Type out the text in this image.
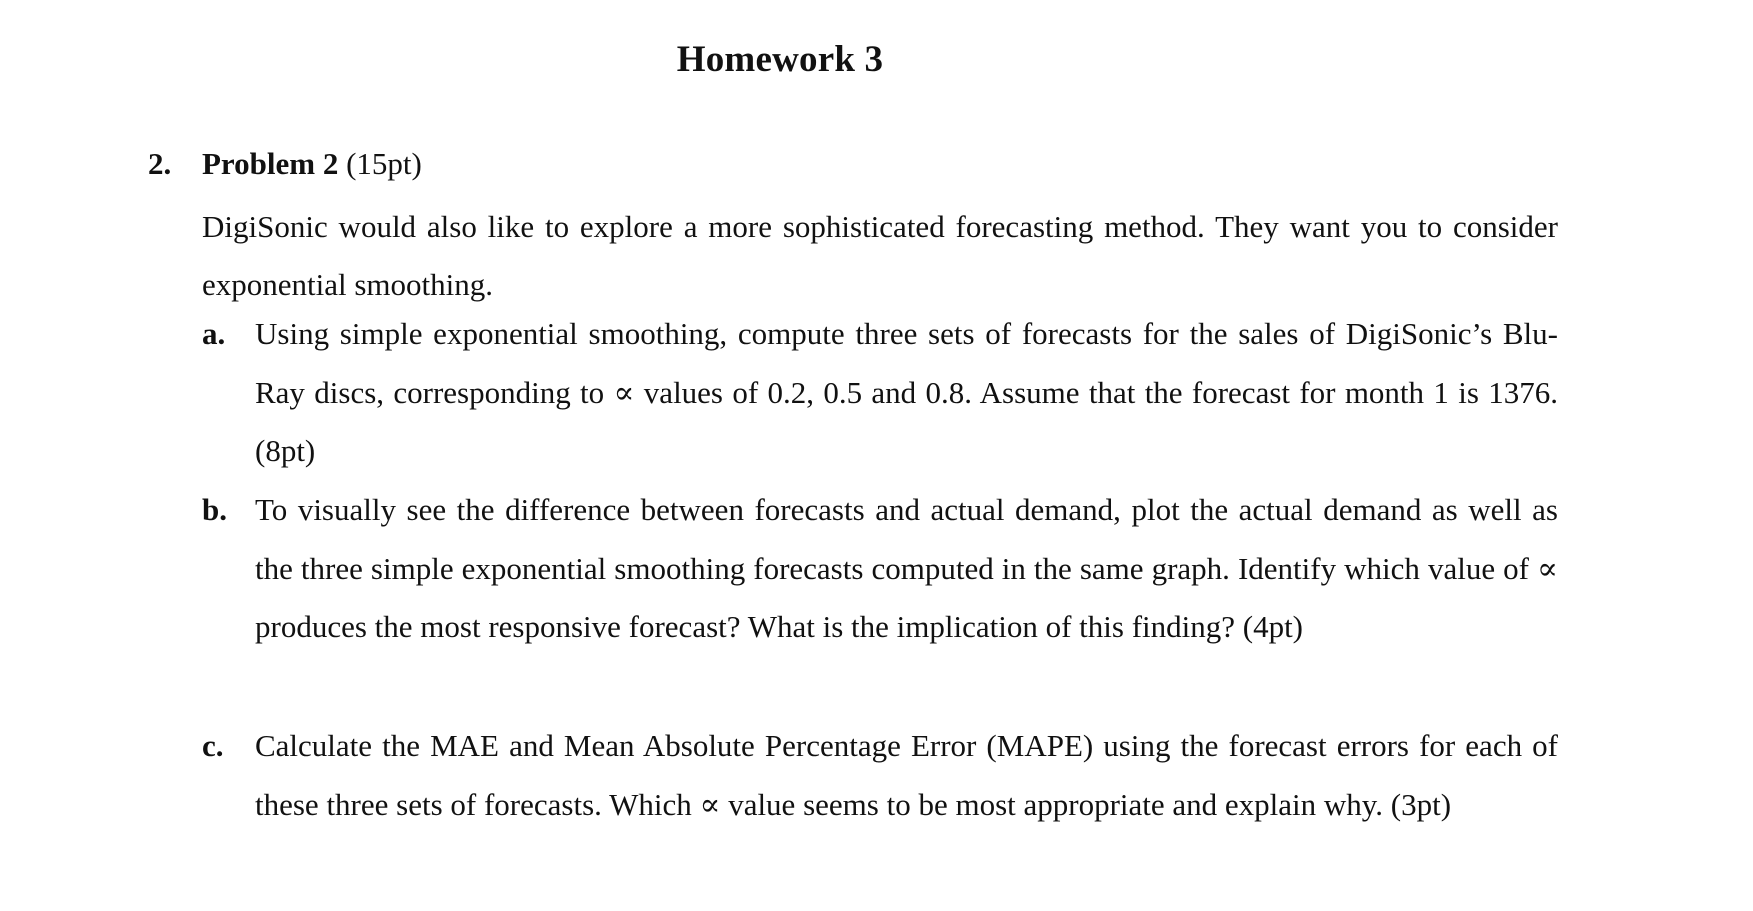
Homework 3
2. Problem 2 (15pt)
DigiSonic would also like to explore a more sophisticated forecasting method. They want you to consider exponential smoothing.
a. Using simple exponential smoothing, compute three sets of forecasts for the sales of DigiSonic’s Blu-Ray discs, corresponding to ∝ values of 0.2, 0.5 and 0.8. Assume that the forecast for month 1 is 1376. (8pt)
b. To visually see the difference between forecasts and actual demand, plot the actual demand as well as the three simple exponential smoothing forecasts computed in the same graph. Identify which value of ∝ produces the most responsive forecast? What is the implication of this finding? (4pt)
c. Calculate the MAE and Mean Absolute Percentage Error (MAPE) using the forecast errors for each of these three sets of forecasts. Which ∝ value seems to be most appropriate and explain why. (3pt)
